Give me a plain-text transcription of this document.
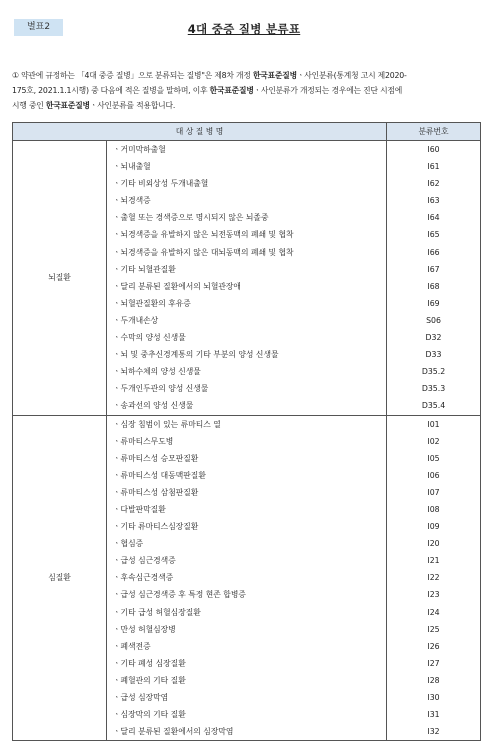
별표2	4대 중증 질병 분류표
① 약관에 규정하는 「4대 중증 질병」으로 분류되는 질병"은 제8차 개정 한국표준질병ㆍ사인분류(통계청 고시 제2020-
175호, 2021.1.1시행) 중 다음에 적은 질병을 말하며, 이후 한국표준질병ㆍ사인분류가 개정되는 경우에는 진단 시점에
시행 중인 한국표준질병ㆍ사인분류를 적용합니다.
대 상 질 병 명		분류번호
뇌질환	ㆍ거미막하출혈	I60
	ㆍ뇌내출혈	I61
	ㆍ기타 비외상성 두개내출혈	I62
	ㆍ뇌경색증	I63
	ㆍ출혈 또는 경색증으로 명시되지 않은 뇌졸중	I64
	ㆍ뇌경색증을 유발하지 않은 뇌전동맥의 폐쇄 및 협착	I65
	ㆍ뇌경색증을 유발하지 않은 대뇌동맥의 폐쇄 및 협착	I66
	ㆍ기타 뇌혈관질환	I67
	ㆍ달리 분류된 질환에서의 뇌혈관장애	I68
	ㆍ뇌혈관질환의 후유증	I69
	ㆍ두개내손상	S06
	ㆍ수막의 양성 신생물	D32
	ㆍ뇌 및 중추신경계통의 기타 부분의 양성 신생물	D33
	ㆍ뇌하수체의 양성 신생물	D35.2
	ㆍ두개인두관의 양성 신생물	D35.3
	ㆍ송과선의 양성 신생물	D35.4
심질환	ㆍ심장 침범이 있는 류마티스 열	I01
	ㆍ류마티스무도병	I02
	ㆍ류마티스성 승모판질환	I05
	ㆍ류마티스성 대동맥판질환	I06
	ㆍ류마티스성 삼첨판질환	I07
	ㆍ다발판막질환	I08
	ㆍ기타 류마티스심장질환	I09
	ㆍ협심증	I20
	ㆍ급성 심근경색증	I21
	ㆍ후속심근경색증	I22
	ㆍ급성 심근경색증 후 특정 현존 합병증	I23
	ㆍ기타 급성 허혈심장질환	I24
	ㆍ만성 허혈심장병	I25
	ㆍ폐색전증	I26
	ㆍ기타 폐성 심장질환	I27
	ㆍ폐혈관의 기타 질환	I28
	ㆍ급성 심장막염	I30
	ㆍ심장막의 기타 질환	I31
	ㆍ달리 분류된 질환에서의 심장막염	I32
